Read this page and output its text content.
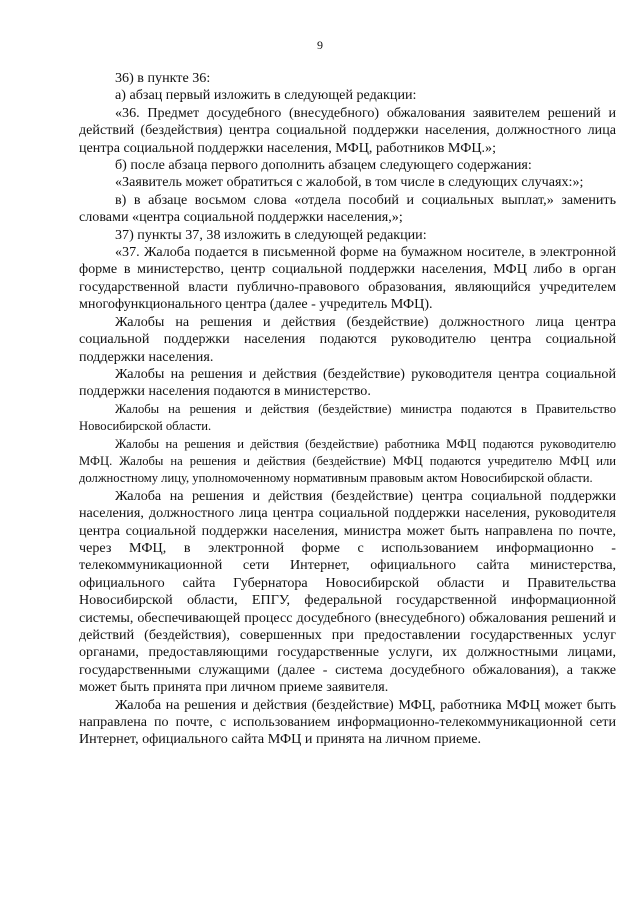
9

36) в пункте 36:

а) абзац первый изложить в следующей редакции:

«36. Предмет досудебного (внесудебного) обжалования заявителем решений и действий (бездействия) центра социальной поддержки населения, должностного лица центра социальной поддержки населения, МФЦ, работников МФЦ.»;

б) после абзаца первого дополнить абзацем следующего содержания:

«Заявитель может обратиться с жалобой, в том числе в следующих случаях:»;

в) в абзаце восьмом слова «отдела пособий и социальных выплат,» заменить словами «центра социальной поддержки населения,»;

37) пункты 37, 38 изложить в следующей редакции:

«37. Жалоба подается в письменной форме на бумажном носителе, в электронной форме в министерство, центр социальной поддержки населения, МФЦ либо в орган государственной власти публично-правового образования, являющийся учредителем многофункционального центра (далее - учредитель МФЦ).

Жалобы на решения и действия (бездействие) должностного лица центра социальной поддержки населения подаются руководителю центра социальной поддержки населения.

Жалобы на решения и действия (бездействие) руководителя центра социальной поддержки населения подаются в министерство.

Жалобы на решения и действия (бездействие) министра подаются в Правительство Новосибирской области.

Жалобы на решения и действия (бездействие) работника МФЦ подаются руководителю МФЦ. Жалобы на решения и действия (бездействие) МФЦ подаются учредителю МФЦ или должностному лицу, уполномоченному нормативным правовым актом Новосибирской области.

Жалоба на решения и действия (бездействие) центра социальной поддержки населения, должностного лица центра социальной поддержки населения, руководителя центра социальной поддержки населения, министра может быть направлена по почте, через МФЦ, в электронной форме с использованием информационно - телекоммуникационной сети Интернет, официального сайта министерства, официального сайта Губернатора Новосибирской области и Правительства Новосибирской области, ЕПГУ, федеральной государственной информационной системы, обеспечивающей процесс досудебного (внесудебного) обжалования решений и действий (бездействия), совершенных при предоставлении государственных услуг органами, предоставляющими государственные услуги, их должностными лицами, государственными служащими (далее - система досудебного обжалования), а также может быть принята при личном приеме заявителя.

Жалоба на решения и действия (бездействие) МФЦ, работника МФЦ может быть направлена по почте, с использованием информационно-телекоммуникационной сети Интернет, официального сайта МФЦ и принята на личном приеме.
